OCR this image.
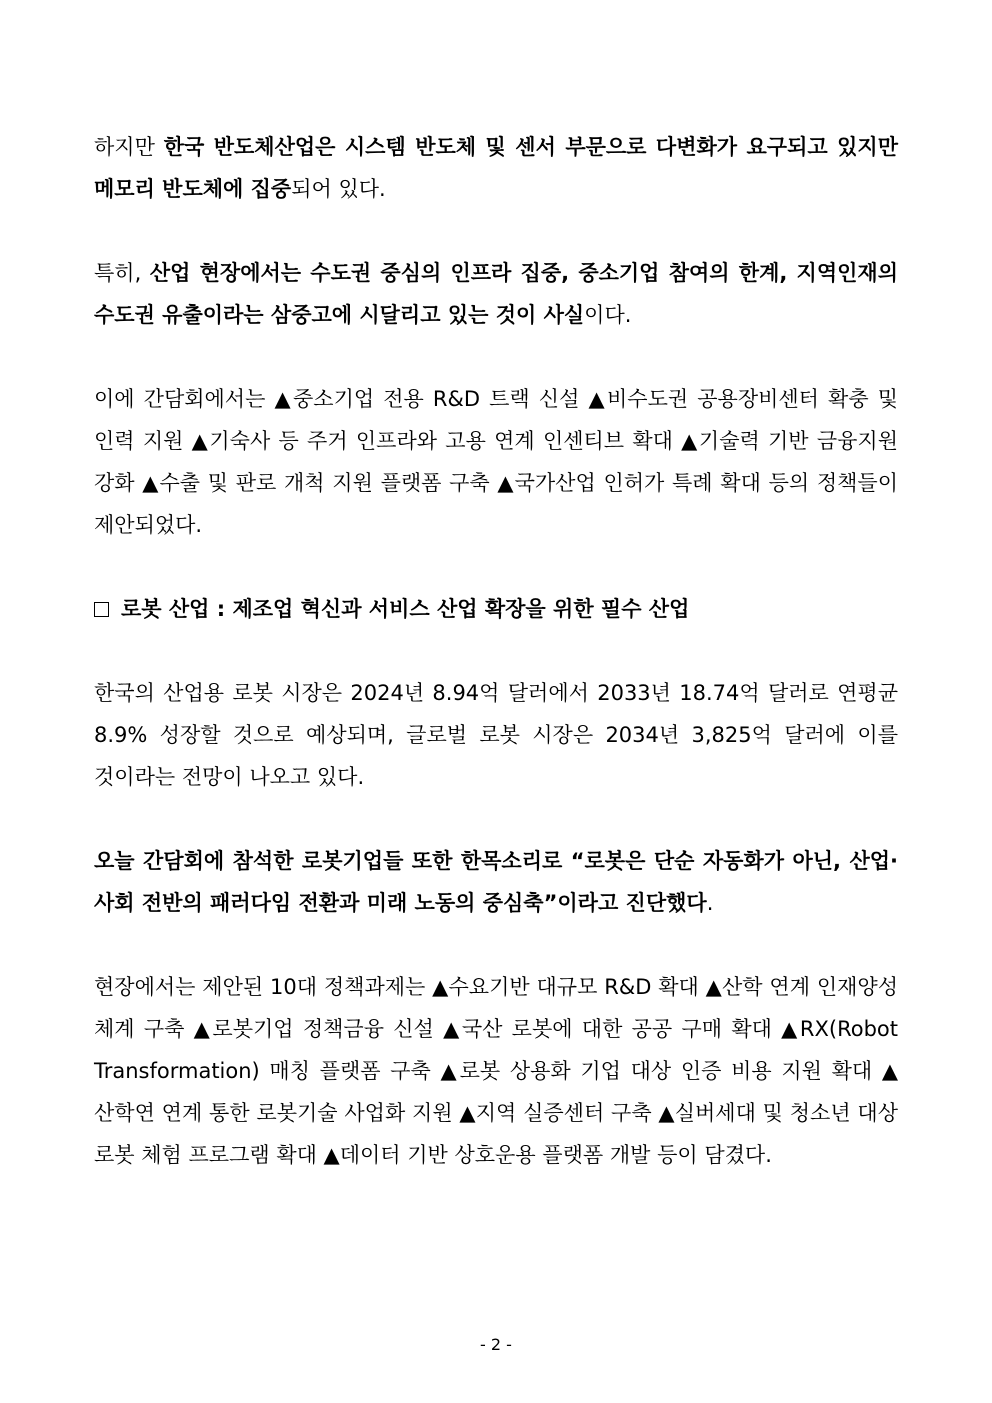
하지만 한국 반도체산업은 시스템 반도체 및 센서 부문으로 다변화가 요구되고 있지만 메모리 반도체에 집중되어 있다.

특히, 산업 현장에서는 수도권 중심의 인프라 집중, 중소기업 참여의 한계, 지역인재의 수도권 유출이라는 삼중고에 시달리고 있는 것이 사실이다.

이에 간담회에서는 ▲중소기업 전용 R&D 트랙 신설 ▲비수도권 공용장비센터 확충 및 인력 지원 ▲기숙사 등 주거 인프라와 고용 연계 인센티브 확대 ▲기술력 기반 금융지원 강화 ▲수출 및 판로 개척 지원 플랫폼 구축 ▲국가산업 인허가 특례 확대 등의 정책들이 제안되었다.

로봇 산업 : 제조업 혁신과 서비스 산업 확장을 위한 필수 산업

한국의 산업용 로봇 시장은 2024년 8.94억 달러에서 2033년 18.74억 달러로 연평균 8.9% 성장할 것으로 예상되며, 글로벌 로봇 시장은 2034년 3,825억 달러에 이를 것이라는 전망이 나오고 있다.

오늘 간담회에 참석한 로봇기업들 또한 한목소리로 “로봇은 단순 자동화가 아닌, 산업·사회 전반의 패러다임 전환과 미래 노동의 중심축”이라고 진단했다.

현장에서는 제안된 10대 정책과제는 ▲수요기반 대규모 R&D 확대 ▲산학 연계 인재양성 체계 구축 ▲로봇기업 정책금융 신설 ▲국산 로봇에 대한 공공 구매 확대 ▲RX(Robot Transformation) 매칭 플랫폼 구축 ▲로봇 상용화 기업 대상 인증 비용 지원 확대 ▲산학연 연계 통한 로봇기술 사업화 지원 ▲지역 실증센터 구축 ▲실버세대 및 청소년 대상 로봇 체험 프로그램 확대 ▲데이터 기반 상호운용 플랫폼 개발 등이 담겼다.

- 2 -
